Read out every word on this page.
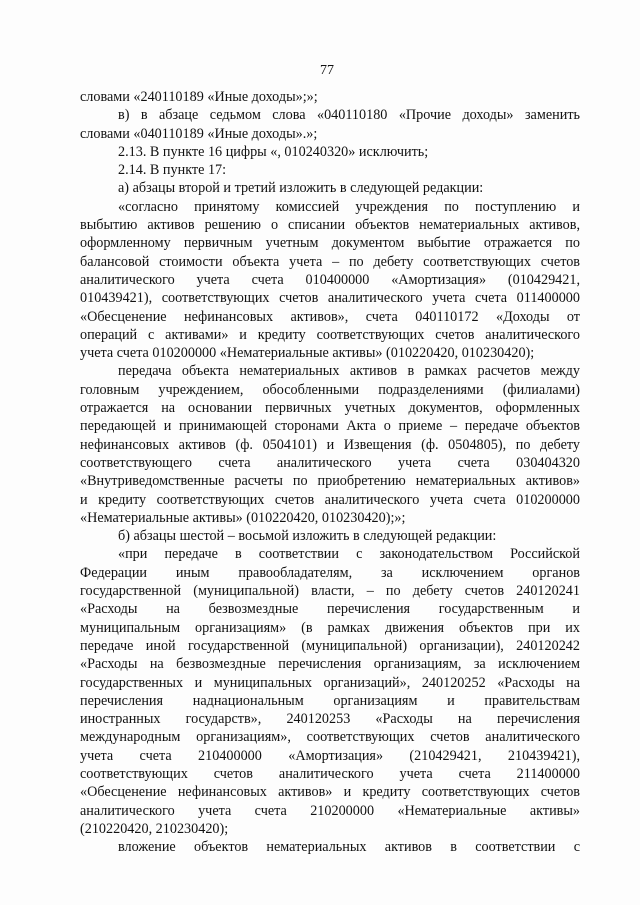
77
словами «240110189 «Иные доходы»;»;
в) в абзаце седьмом слова «040110180 «Прочие доходы» заменить
словами «040110189 «Иные доходы».»;
2.13. В пункте 16 цифры «, 010240320» исключить;
2.14. В пункте 17:
а) абзацы второй и третий изложить в следующей редакции:
«согласно принятому комиссией учреждения по поступлению и
выбытию активов решению о списании объектов нематериальных активов,
оформленному первичным учетным документом выбытие отражается по
балансовой стоимости объекта учета – по дебету соответствующих счетов
аналитического учета счета 010400000 «Амортизация» (010429421,
010439421), соответствующих счетов аналитического учета счета 011400000
«Обесценение нефинансовых активов», счета 040110172 «Доходы от
операций с активами» и кредиту соответствующих счетов аналитического
учета счета 010200000 «Нематериальные активы» (010220420, 010230420);
передача объекта нематериальных активов в рамках расчетов между
головным учреждением, обособленными подразделениями (филиалами)
отражается на основании первичных учетных документов, оформленных
передающей и принимающей сторонами Акта о приеме – передаче объектов
нефинансовых активов (ф. 0504101) и Извещения (ф. 0504805), по дебету
соответствующего счета аналитического учета счета 030404320
«Внутриведомственные расчеты по приобретению нематериальных активов»
и кредиту соответствующих счетов аналитического учета счета 010200000
«Нематериальные активы» (010220420, 010230420);»;
б) абзацы шестой – восьмой изложить в следующей редакции:
«при передаче в соответствии с законодательством Российской
Федерации иным правообладателям, за исключением органов
государственной (муниципальной) власти, – по дебету счетов 240120241
«Расходы на безвозмездные перечисления государственным и
муниципальным организациям» (в рамках движения объектов при их
передаче иной государственной (муниципальной) организации), 240120242
«Расходы на безвозмездные перечисления организациям, за исключением
государственных и муниципальных организаций», 240120252 «Расходы на
перечисления наднациональным организациям и правительствам
иностранных государств», 240120253 «Расходы на перечисления
международным организациям», соответствующих счетов аналитического
учета счета 210400000 «Амортизация» (210429421, 210439421),
соответствующих счетов аналитического учета счета 211400000
«Обесценение нефинансовых активов» и кредиту соответствующих счетов
аналитического учета счета 210200000 «Нематериальные активы»
(210220420, 210230420);
вложение объектов нематериальных активов в соответствии с
